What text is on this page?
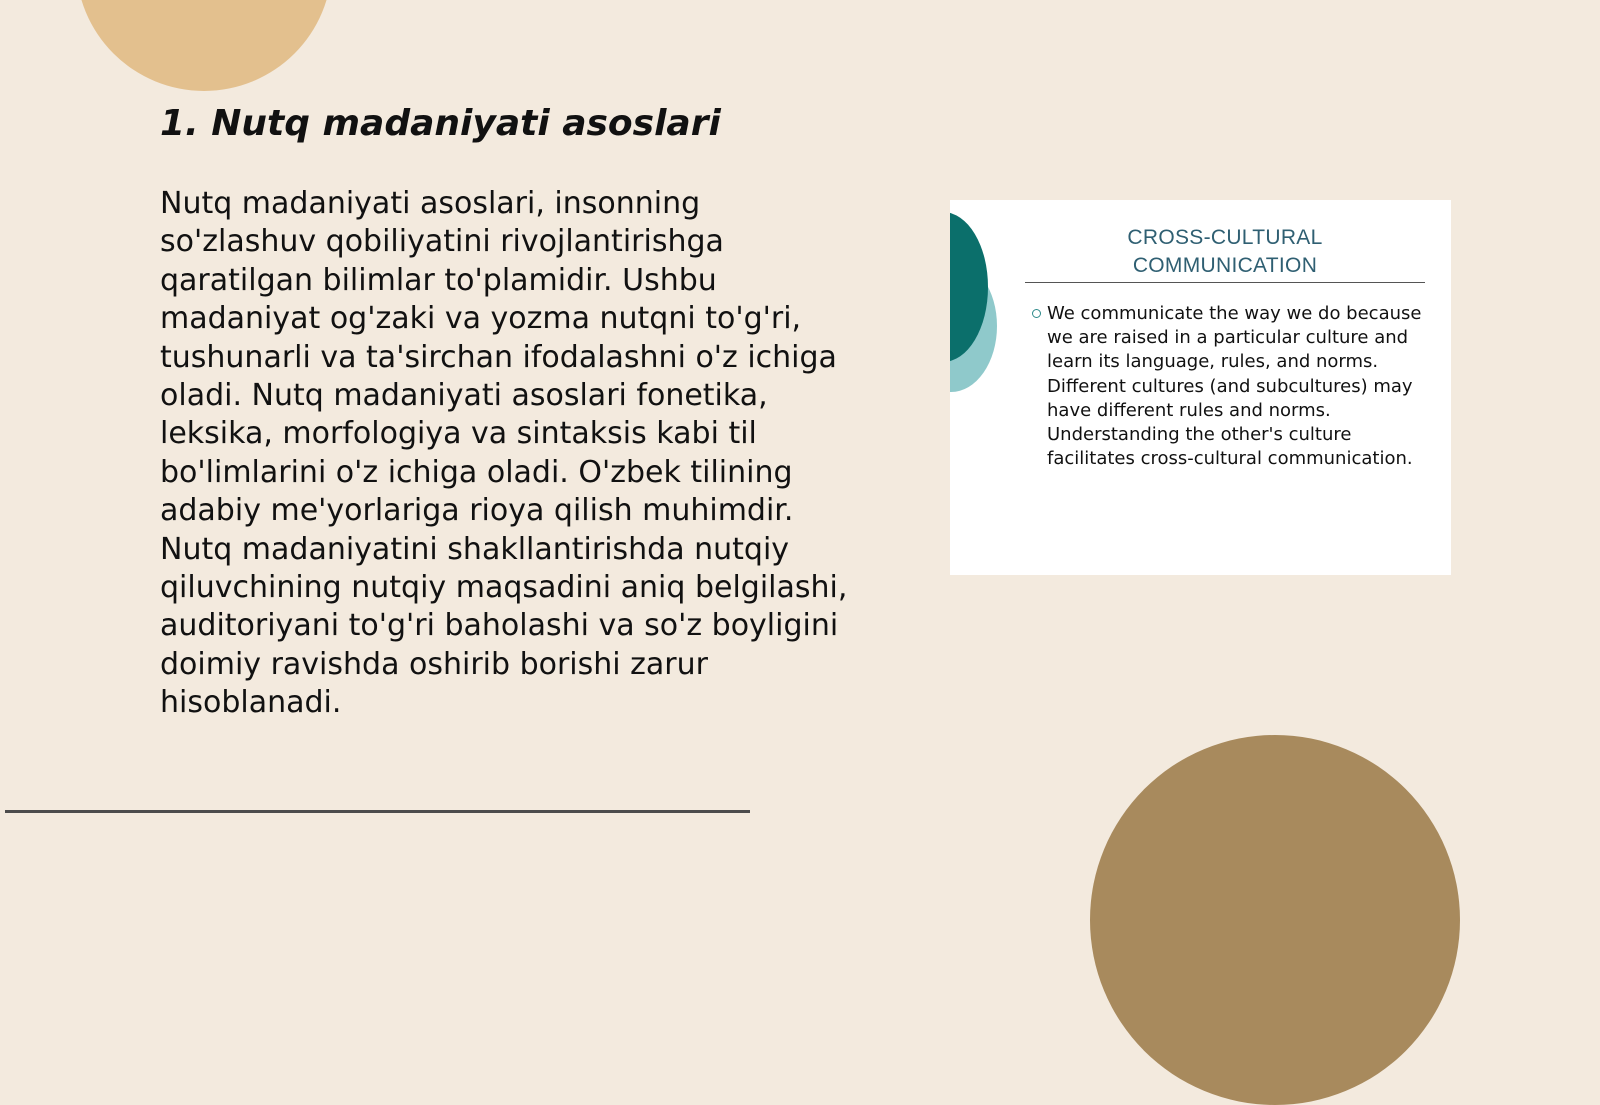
1. Nutq madaniyati asoslari

Nutq madaniyati asoslari, insonning so'zlashuv qobiliyatini rivojlantirishga qaratilgan bilimlar to'plamidir. Ushbu madaniyat og'zaki va yozma nutqni to'g'ri, tushunarli va ta'sirchan ifodalashni o'z ichiga oladi. Nutq madaniyati asoslari fonetika, leksika, morfologiya va sintaksis kabi til bo'limlarini o'z ichiga oladi. O'zbek tilining adabiy me'yorlariga rioya qilish muhimdir. Nutq madaniyatini shakllantirishda nutqiy qiluvchining nutqiy maqsadini aniq belgilashi, auditoriyani to'g'ri baholashi va so'z boyligini doimiy ravishda oshirib borishi zarur hisoblanadi.

CROSS-CULTURAL
COMMUNICATION

We communicate the way we do because we are raised in a particular culture and learn its language, rules, and norms. Different cultures (and subcultures) may have different rules and norms. Understanding the other's culture facilitates cross-cultural communication.
